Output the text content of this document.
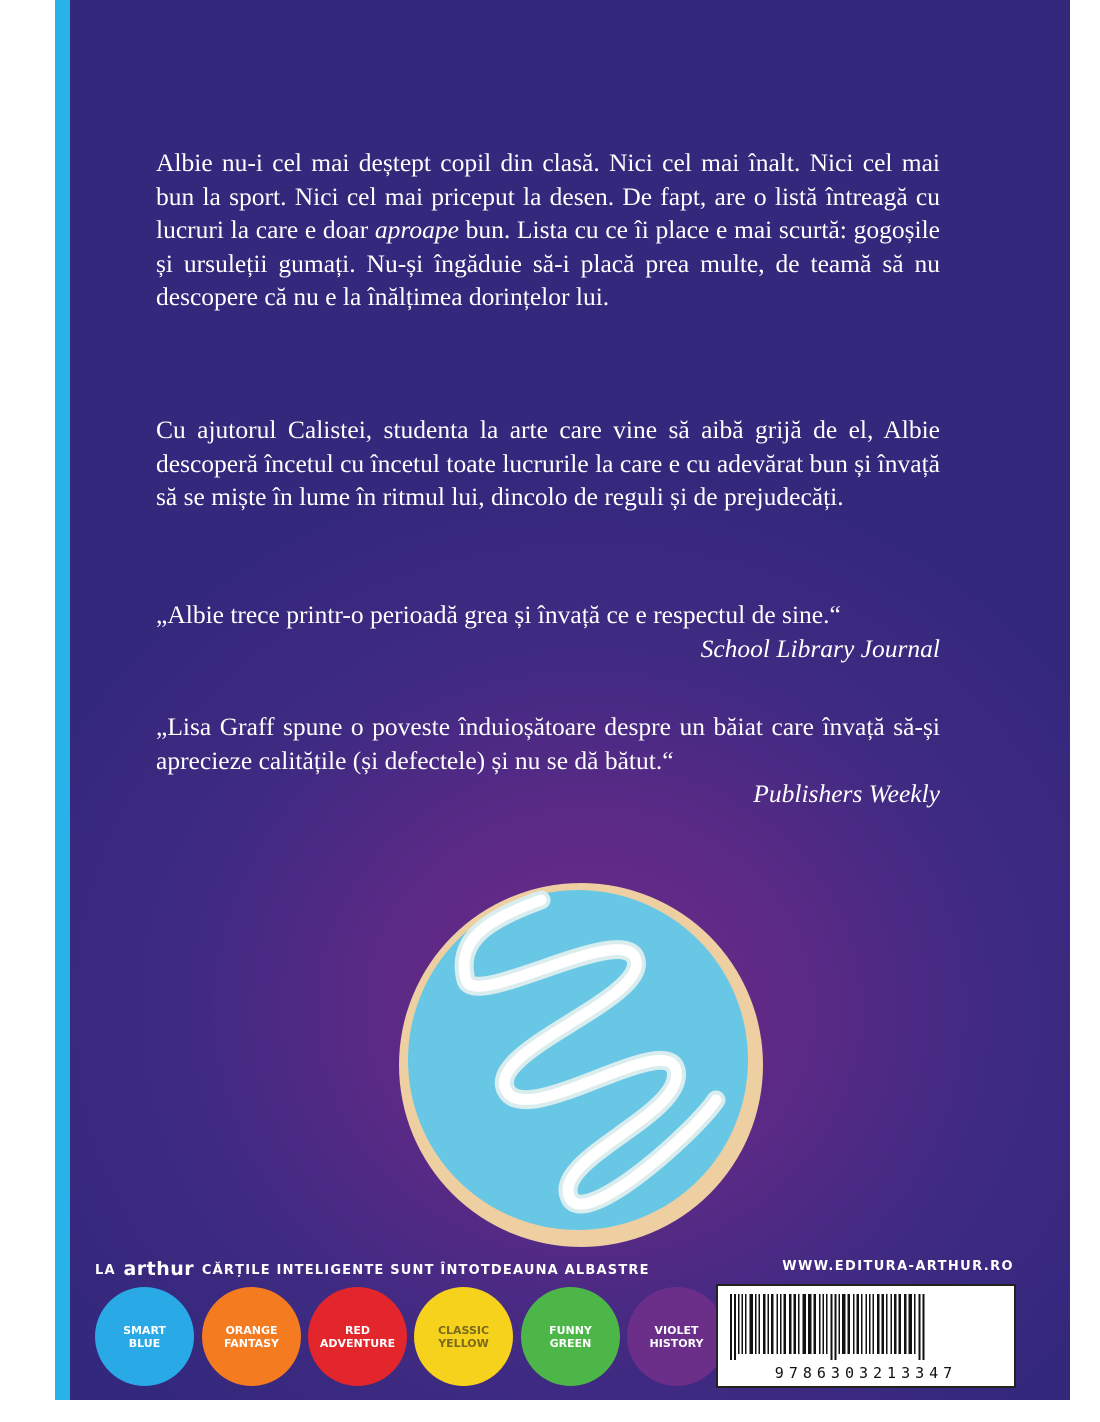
Albie nu-i cel mai deștept copil din clasă. Nici cel mai înalt. Nici cel mai bun la sport. Nici cel mai priceput la desen. De fapt, are o listă întreagă cu lucruri la care e doar aproape bun. Lista cu ce îi place e mai scurtă: gogoșile și ursuleții gumați. Nu-și îngăduie să-i placă prea multe, de teamă să nu descopere că nu e la înălțimea dorințelor lui.

Cu ajutorul Calistei, studenta la arte care vine să aibă grijă de el, Albie descoperă încetul cu încetul toate lucrurile la care e cu adevărat bun și învață să se miște în lume în ritmul lui, dincolo de reguli și de prejudecăți.

„Albie trece printr-o perioadă grea și învață ce e respectul de sine.“
School Library Journal
„Lisa Graff spune o poveste înduioșătoare despre un băiat care învață să-și aprecieze calitățile (și defectele) și nu se dă bătut.“
Publishers Weekly
LA arthur CĂRȚILE INTELIGENTE SUNT ÎNTOTDEAUNA ALBASTRE	WWW.EDITURA-ARTHUR.RO
SMART
BLUE
ORANGE
FANTASY
RED
ADVENTURE
CLASSIC
YELLOW
FUNNY
GREEN
VIOLET
HISTORY
9786303213347
